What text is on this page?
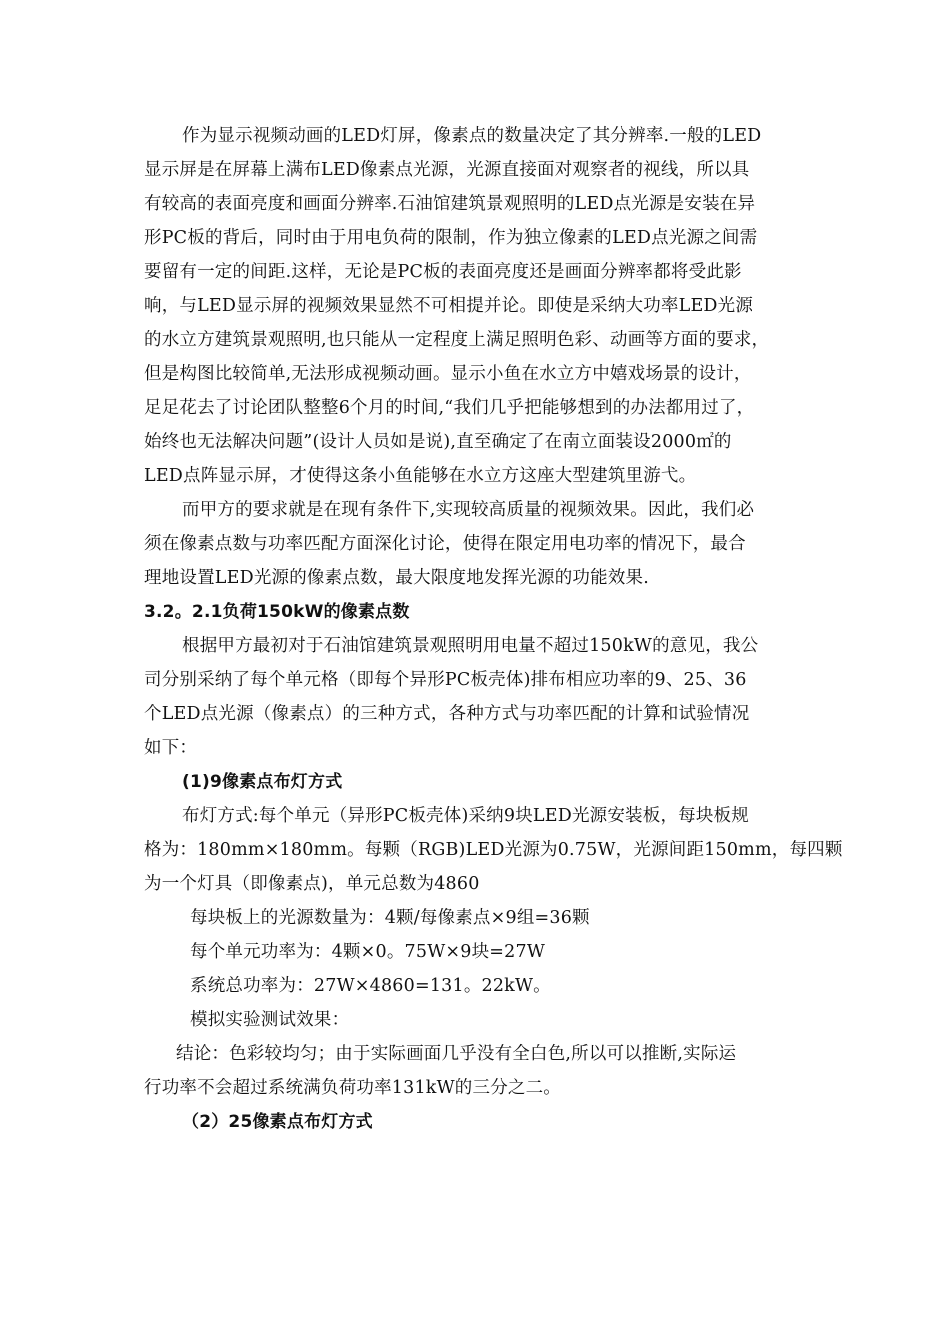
作为显示视频动画的LED灯屏，像素点的数量决定了其分辨率.一般的LED
显示屏是在屏幕上满布LED像素点光源，光源直接面对观察者的视线，所以具
有较高的表面亮度和画面分辨率.石油馆建筑景观照明的LED点光源是安装在异
形PC板的背后，同时由于用电负荷的限制，作为独立像素的LED点光源之间需
要留有一定的间距.这样，无论是PC板的表面亮度还是画面分辨率都将受此影
响，与LED显示屏的视频效果显然不可相提并论。即使是采纳大功率LED光源
的水立方建筑景观照明,也只能从一定程度上满足照明色彩、动画等方面的要求，
但是构图比较简单,无法形成视频动画。显示小鱼在水立方中嬉戏场景的设计，
足足花去了讨论团队整整6个月的时间,“我们几乎把能够想到的办法都用过了，
始终也无法解决问题”(设计人员如是说),直至确定了在南立面装设2000㎡的
LED点阵显示屏，才使得这条小鱼能够在水立方这座大型建筑里游弋。
而甲方的要求就是在现有条件下,实现较高质量的视频效果。因此，我们必
须在像素点数与功率匹配方面深化讨论，使得在限定用电功率的情况下，最合
理地设置LED光源的像素点数，最大限度地发挥光源的功能效果.
3.2。2.1负荷150kW的像素点数
根据甲方最初对于石油馆建筑景观照明用电量不超过150kW的意见，我公
司分别采纳了每个单元格（即每个异形PC板壳体)排布相应功率的9、25、36
个LED点光源（像素点）的三种方式，各种方式与功率匹配的计算和试验情况
如下：
(1)9像素点布灯方式
布灯方式:每个单元（异形PC板壳体)采纳9块LED光源安装板，每块板规
格为：180mm×180mm。每颗（RGB)LED光源为0.75W，光源间距150mm，每四颗
为一个灯具（即像素点)，单元总数为4860
每块板上的光源数量为：4颗/每像素点×9组=36颗
每个单元功率为：4颗×0。75W×9块=27W
系统总功率为：27W×4860=131。22kW。
模拟实验测试效果：
结论：色彩较均匀；由于实际画面几乎没有全白色,所以可以推断,实际运
行功率不会超过系统满负荷功率131kW的三分之二。
（2）25像素点布灯方式
